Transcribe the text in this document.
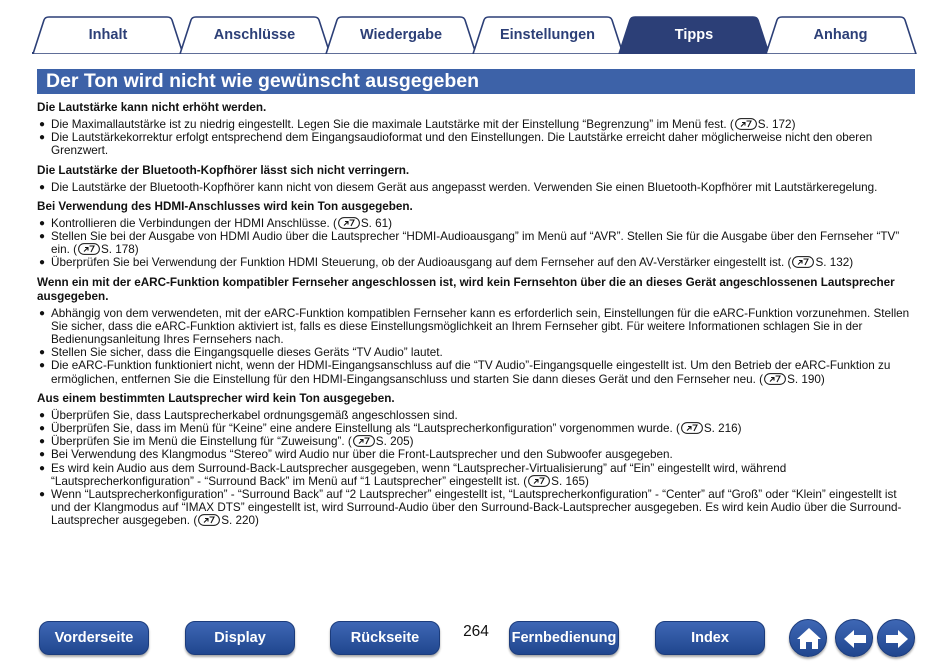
Inhalt	Anschlüsse	Wiedergabe	Einstellungen	Tipps	Anhang
Der Ton wird nicht wie gewünscht ausgegeben
Die Lautstärke kann nicht erhöht werden.
● Die Maximallautstärke ist zu niedrig eingestellt. Legen Sie die maximale Lautstärke mit der Einstellung “Begrenzung” im Menü fest. ( S. 172)
● Die Lautstärkekorrektur erfolgt entsprechend dem Eingangsaudioformat und den Einstellungen. Die Lautstärke erreicht daher möglicherweise nicht den oberen Grenzwert.
Die Lautstärke der Bluetooth-Kopfhörer lässt sich nicht verringern.
● Die Lautstärke der Bluetooth-Kopfhörer kann nicht von diesem Gerät aus angepasst werden. Verwenden Sie einen Bluetooth-Kopfhörer mit Lautstärkeregelung.
Bei Verwendung des HDMI-Anschlusses wird kein Ton ausgegeben.
● Kontrollieren die Verbindungen der HDMI Anschlüsse. ( S. 61)
● Stellen Sie bei der Ausgabe von HDMI Audio über die Lautsprecher “HDMI-Audioausgang” im Menü auf “AVR”. Stellen Sie für die Ausgabe über den Fernseher “TV” ein. ( S. 178)
● Überprüfen Sie bei Verwendung der Funktion HDMI Steuerung, ob der Audioausgang auf dem Fernseher auf den AV-Verstärker eingestellt ist. ( S. 132)
Wenn ein mit der eARC-Funktion kompatibler Fernseher angeschlossen ist, wird kein Fernsehton über die an dieses Gerät angeschlossenen Lautsprecher ausgegeben.
● Abhängig von dem verwendeten, mit der eARC-Funktion kompatiblen Fernseher kann es erforderlich sein, Einstellungen für die eARC-Funktion vorzunehmen. Stellen Sie sicher, dass die eARC-Funktion aktiviert ist, falls es diese Einstellungsmöglichkeit an Ihrem Fernseher gibt. Für weitere Informationen schlagen Sie in der Bedienungsanleitung Ihres Fernsehers nach.
● Stellen Sie sicher, dass die Eingangsquelle dieses Geräts “TV Audio” lautet.
● Die eARC-Funktion funktioniert nicht, wenn der HDMI-Eingangsanschluss auf die “TV Audio”-Eingangsquelle eingestellt ist. Um den Betrieb der eARC-Funktion zu ermöglichen, entfernen Sie die Einstellung für den HDMI-Eingangsanschluss und starten Sie dann dieses Gerät und den Fernseher neu. ( S. 190)
Aus einem bestimmten Lautsprecher wird kein Ton ausgegeben.
● Überprüfen Sie, dass Lautsprecherkabel ordnungsgemäß angeschlossen sind.
● Überprüfen Sie, dass im Menü für “Keine” eine andere Einstellung als “Lautsprecherkonfiguration” vorgenommen wurde. ( S. 216)
● Überprüfen Sie im Menü die Einstellung für “Zuweisung”. ( S. 205)
● Bei Verwendung des Klangmodus “Stereo” wird Audio nur über die Front-Lautsprecher und den Subwoofer ausgegeben.
● Es wird kein Audio aus dem Surround-Back-Lautsprecher ausgegeben, wenn “Lautsprecher-Virtualisierung” auf “Ein” eingestellt wird, während “Lautsprecherkonfiguration” - “Surround Back” im Menü auf “1 Lautsprecher” eingestellt ist. ( S. 165)
● Wenn “Lautsprecherkonfiguration” - “Surround Back” auf “2 Lautsprecher” eingestellt ist, “Lautsprecherkonfiguration” - “Center” auf “Groß” oder “Klein” eingestellt ist und der Klangmodus auf “IMAX DTS” eingestellt ist, wird Surround-Audio über den Surround-Back-Lautsprecher ausgegeben. Es wird kein Audio über die Surround-Lautsprecher ausgegeben. ( S. 220)
Vorderseite	Display	Rückseite	Fernbedienung	Index
264
